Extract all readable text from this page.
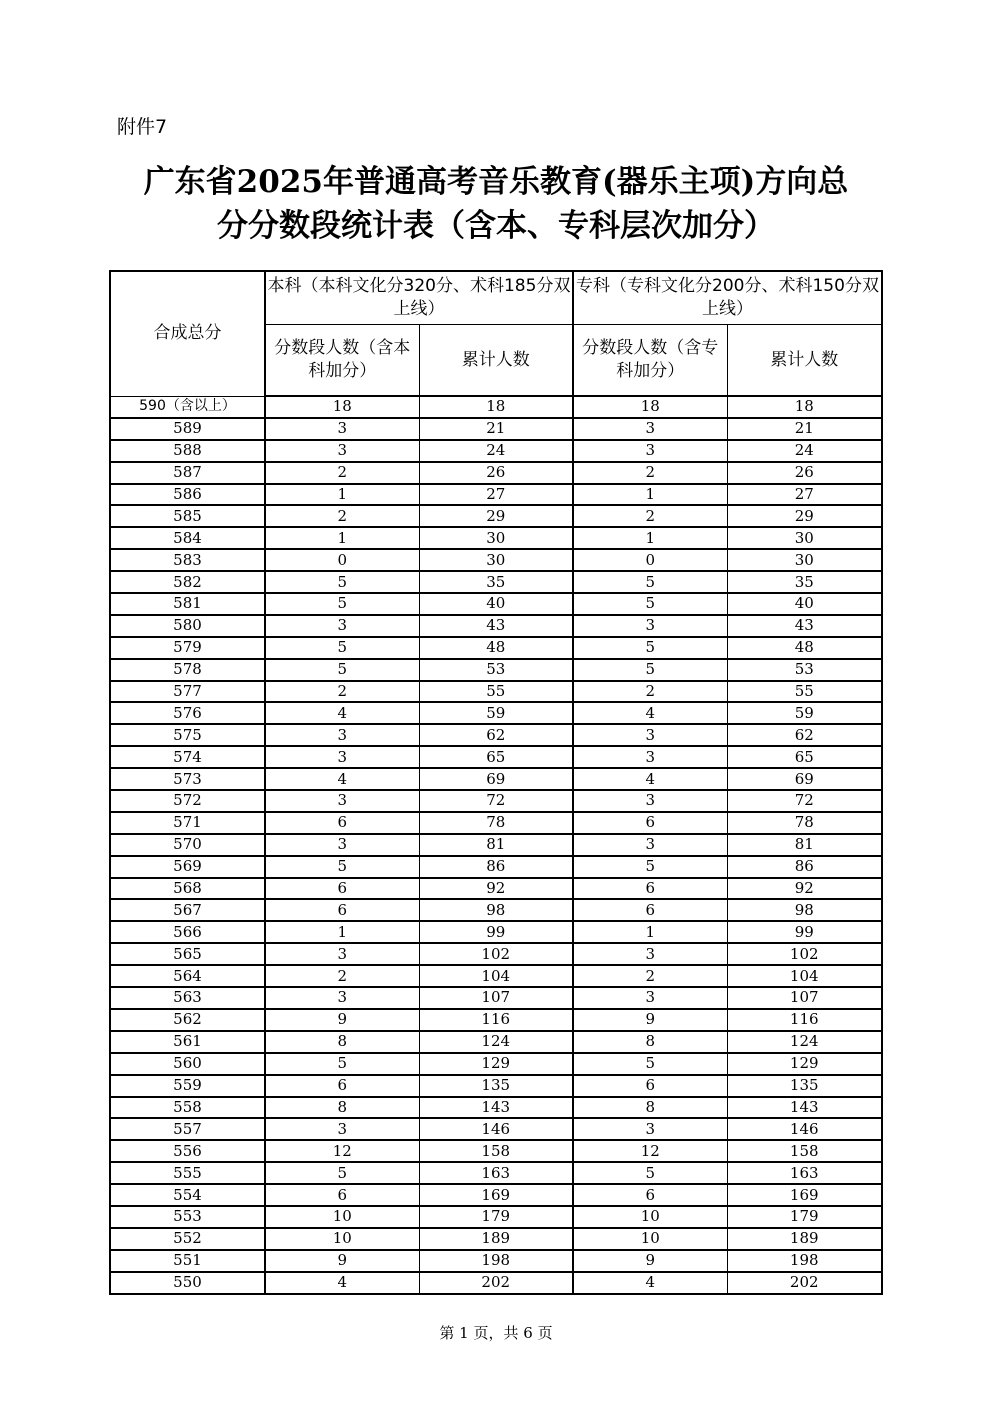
附件7
广东省2025年普通高考音乐教育(器乐主项)方向总
分分数段统计表（含本、专科层次加分）
合成总分	本科（本科文化分320分、术科185分双上线）		专科（专科文化分200分、术科150分双上线）	
	分数段人数（含本科加分）	累计人数	分数段人数（含专科加分）	累计人数
590（含以上）	18	18	18	18
589	3	21	3	21
588	3	24	3	24
587	2	26	2	26
586	1	27	1	27
585	2	29	2	29
584	1	30	1	30
583	0	30	0	30
582	5	35	5	35
581	5	40	5	40
580	3	43	3	43
579	5	48	5	48
578	5	53	5	53
577	2	55	2	55
576	4	59	4	59
575	3	62	3	62
574	3	65	3	65
573	4	69	4	69
572	3	72	3	72
571	6	78	6	78
570	3	81	3	81
569	5	86	5	86
568	6	92	6	92
567	6	98	6	98
566	1	99	1	99
565	3	102	3	102
564	2	104	2	104
563	3	107	3	107
562	9	116	9	116
561	8	124	8	124
560	5	129	5	129
559	6	135	6	135
558	8	143	8	143
557	3	146	3	146
556	12	158	12	158
555	5	163	5	163
554	6	169	6	169
553	10	179	10	179
552	10	189	10	189
551	9	198	9	198
550	4	202	4	202
第 1 页，共 6 页
